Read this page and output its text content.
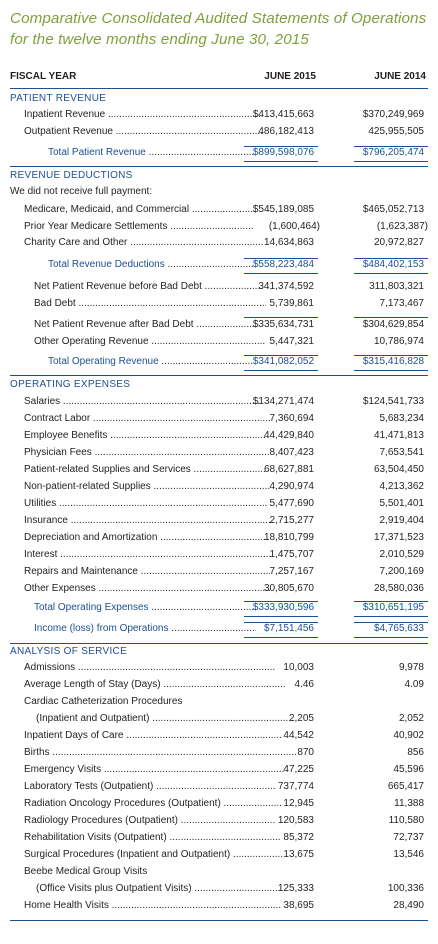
Comparative Consolidated Audited Statements of Operations for the twelve months ending June 30, 2015
FISCAL YEAR	JUNE 2015	JUNE 2014
PATIENT REVENUE
Inpatient Revenue .....	$413,415,663	$370,249,969
Outpatient Revenue .....	486,182,413	425,955,505
Total Patient Revenue .....	$899,598,076	$796,205,474
REVENUE DEDUCTIONS
We did not receive full payment:
Medicare, Medicaid, and Commercial .....	$545,189,085	$465,052,713
Prior Year Medicare Settlements .....	(1,600,464)	(1,623,387)
Charity Care and Other .....	14,634,863	20,972,827
Total Revenue Deductions .....	$558,223,484	$484,402,153
Net Patient Revenue before Bad Debt .....	341,374,592	311,803,321
Bad Debt .....	5,739,861	7,173,467
Net Patient Revenue after Bad Debt .....	$335,634,731	$304,629,854
Other Operating Revenue .....	5,447,321	10,786,974
Total Operating Revenue .....	$341,082,052	$315,416,828
OPERATING EXPENSES
Salaries .....	$134,271,474	$124,541,733
Contract Labor .....	7,360,694	5,683,234
Employee Benefits .....	44,429,840	41,471,813
Physician Fees .....	8,407,423	7,653,541
Patient-related Supplies and Services .....	68,627,881	63,504,450
Non-patient-related Supplies .....	4,290,974	4,213,362
Utilities .....	5,477,690	5,501,401
Insurance .....	2,715,277	2,919,404
Depreciation and Amortization .....	18,810,799	17,371,523
Interest .....	1,475,707	2,010,529
Repairs and Maintenance .....	7,257,167	7,200,169
Other Expenses .....	30,805,670	28,580,036
Total Operating Expenses .....	$333,930,596	$310,651,195
Income (loss) from Operations .....	$7,151,456	$4,765,633
ANALYSIS OF SERVICE
Admissions .....	10,003	9,978
Average Length of Stay (Days) .....	4.46	4.09
Cardiac Catheterization Procedures
(Inpatient and Outpatient) .....	2,205	2,052
Inpatient Days of Care .....	44,542	40,902
Births .....	870	856
Emergency Visits .....	47,225	45,596
Laboratory Tests (Outpatient) .....	737,774	665,417
Radiation Oncology Procedures (Outpatient) .....	12,945	11,388
Radiology Procedures (Outpatient) .....	120,583	110,580
Rehabilitation Visits (Outpatient) .....	85,372	72,737
Surgical Procedures (Inpatient and Outpatient) .....	13,675	13,546
Beebe Medical Group Visits
(Office Visits plus Outpatient Visits) .....	125,333	100,336
Home Health Visits .....	38,695	28,490
